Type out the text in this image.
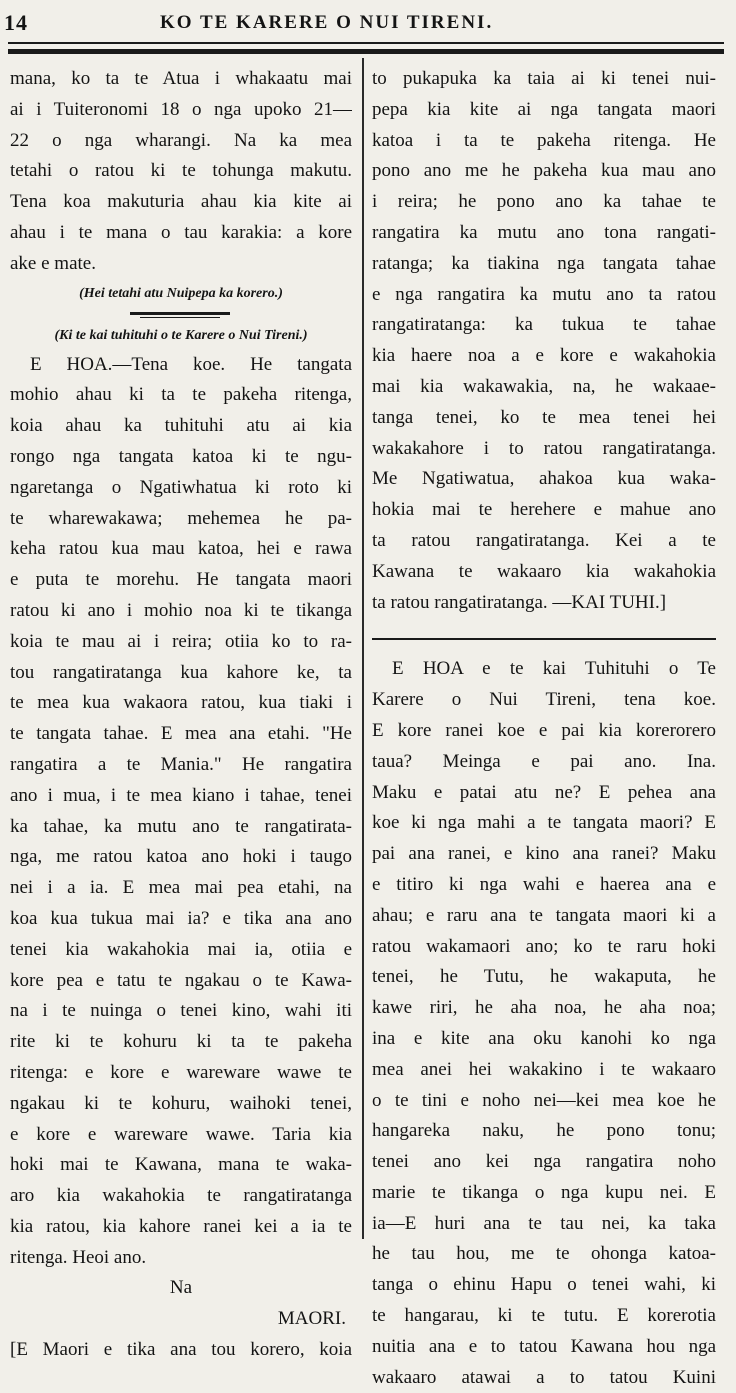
14	KO TE KARERE O NUI TIRENI.
mana, ko ta te Atua i whakaatu mai
ai i Tuiteronomi 18 o nga upoko 21—
22 o nga wharangi. Na ka mea
tetahi o ratou ki te tohunga makutu.
Tena koa makuturia ahau kia kite ai
ahau i te mana o tau karakia: a kore
ake e mate.
(Hei tetahi atu Nuipepa ka korero.)
(Ki te kai tuhituhi o te Karere o Nui Tireni.)
E HOA.—Tena koe. He tangata
mohio ahau ki ta te pakeha ritenga,
koia ahau ka tuhituhi atu ai kia
rongo nga tangata katoa ki te ngu-
ngaretanga o Ngatiwhatua ki roto ki
te wharewakawa; mehemea he pa-
keha ratou kua mau katoa, hei e rawa
e puta te morehu. He tangata maori
ratou ki ano i mohio noa ki te tikanga
koia te mau ai i reira; otiia ko to ra-
tou rangatiratanga kua kahore ke, ta
te mea kua wakaora ratou, kua tiaki i
te tangata tahae. E mea ana etahi. "He
rangatira a te Mania." He rangatira
ano i mua, i te mea kiano i tahae, tenei
ka tahae, ka mutu ano te rangatirata-
nga, me ratou katoa ano hoki i taugo
nei i a ia. E mea mai pea etahi, na
koa kua tukua mai ia? e tika ana ano
tenei kia wakahokia mai ia, otiia e
kore pea e tatu te ngakau o te Kawa-
na i te nuinga o tenei kino, wahi iti
rite ki te kohuru ki ta te pakeha
ritenga: e kore e wareware wawe te
ngakau ki te kohuru, waihoki tenei,
e kore e wareware wawe. Taria kia
hoki mai te Kawana, mana te waka-
aro kia wakahokia te rangatiratanga
kia ratou, kia kahore ranei kei a ia te
ritenga. Heoi ano.
Na
MAORI.
[E Maori e tika ana tou korero, koia
to pukapuka ka taia ai ki tenei nui-
pepa kia kite ai nga tangata maori
katoa i ta te pakeha ritenga. He
pono ano me he pakeha kua mau ano
i reira; he pono ano ka tahae te
rangatira ka mutu ano tona rangati-
ratanga; ka tiakina nga tangata tahae
e nga rangatira ka mutu ano ta ratou
rangatiratanga: ka tukua te tahae
kia haere noa a e kore e wakahokia
mai kia wakawakia, na, he wakaae-
tanga tenei, ko te mea tenei hei
wakakahore i to ratou rangatiratanga.
Me Ngatiwatua, ahakoa kua waka-
hokia mai te herehere e mahue ano
ta ratou rangatiratanga. Kei a te
Kawana te wakaaro kia wakahokia
ta ratou rangatiratanga. —KAI TUHI.]
E HOA e te kai Tuhituhi o Te
Karere o Nui Tireni, tena koe.
E kore ranei koe e pai kia korerorero
taua? Meinga e pai ano. Ina.
Maku e patai atu ne? E pehea ana
koe ki nga mahi a te tangata maori? E
pai ana ranei, e kino ana ranei? Maku
e titiro ki nga wahi e haerea ana e
ahau; e raru ana te tangata maori ki a
ratou wakamaori ano; ko te raru hoki
tenei, he Tutu, he wakaputa, he
kawe riri, he aha noa, he aha noa;
ina e kite ana oku kanohi ko nga
mea anei hei wakakino i te wakaaro
o te tini e noho nei—kei mea koe he
hangareka naku, he pono tonu;
tenei ano kei nga rangatira noho
marie te tikanga o nga kupu nei. E
ia—E huri ana te tau nei, ka taka
he tau hou, me te ohonga katoa-
tanga o ehinu Hapu o tenei wahi, ki
te hangarau, ki te tutu. E korerotia
nuitia ana e to tatou Kawana hou nga
wakaaro atawai a to tatou Kuini
